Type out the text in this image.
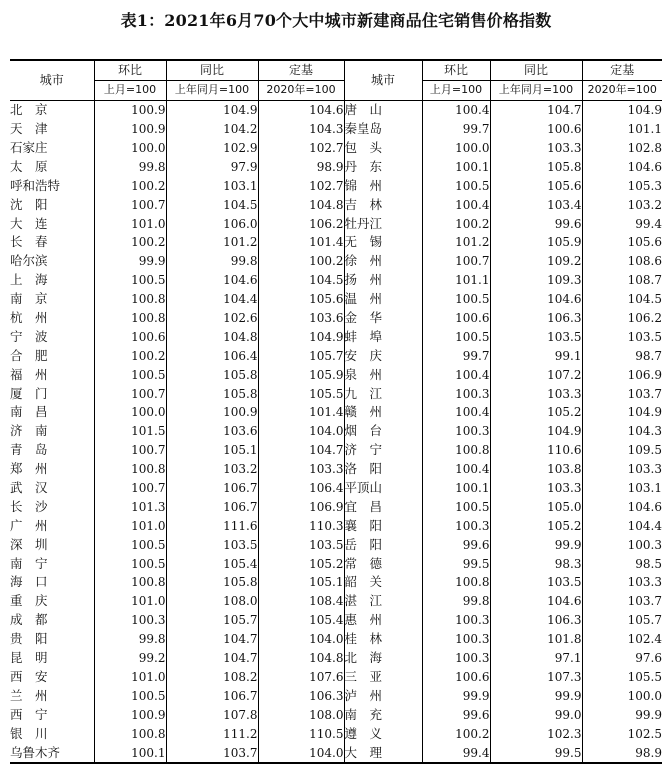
表1：2021年6月70个大中城市新建商品住宅销售价格指数
城市	环比	同比	定基	城市	环比	同比	定基
	上月=100	上年同月=100	2020年=100		上月=100	上年同月=100	2020年=100
北　京	100.9	104.9	104.6	唐　山	100.4	104.7	104.9
天　津	100.9	104.2	104.3	秦皇岛	99.7	100.6	101.1
石家庄	100.0	102.9	102.7	包　头	100.0	103.3	102.8
太　原	99.8	97.9	98.9	丹　东	100.1	105.8	104.6
呼和浩特	100.2	103.1	102.7	锦　州	100.5	105.6	105.3
沈　阳	100.7	104.5	104.8	吉　林	100.4	103.4	103.2
大　连	101.0	106.0	106.2	牡丹江	100.2	99.6	99.4
长　春	100.2	101.2	101.4	无　锡	101.2	105.9	105.6
哈尔滨	99.9	99.8	100.2	徐　州	100.7	109.2	108.6
上　海	100.5	104.6	104.5	扬　州	101.1	109.3	108.7
南　京	100.8	104.4	105.6	温　州	100.5	104.6	104.5
杭　州	100.8	102.6	103.6	金　华	100.6	106.3	106.2
宁　波	100.6	104.8	104.9	蚌　埠	100.5	103.5	103.5
合　肥	100.2	106.4	105.7	安　庆	99.7	99.1	98.7
福　州	100.5	105.8	105.9	泉　州	100.4	107.2	106.9
厦　门	100.7	105.8	105.5	九　江	100.3	103.3	103.7
南　昌	100.0	100.9	101.4	赣　州	100.4	105.2	104.9
济　南	101.5	103.6	104.0	烟　台	100.3	104.9	104.3
青　岛	100.7	105.1	104.7	济　宁	100.8	110.6	109.5
郑　州	100.8	103.2	103.3	洛　阳	100.4	103.8	103.3
武　汉	100.7	106.7	106.4	平顶山	100.1	103.3	103.1
长　沙	101.3	106.7	106.9	宜　昌	100.5	105.0	104.6
广　州	101.0	111.6	110.3	襄　阳	100.3	105.2	104.4
深　圳	100.5	103.5	103.5	岳　阳	99.6	99.9	100.3
南　宁	100.5	105.4	105.2	常　德	99.5	98.3	98.5
海　口	100.8	105.8	105.1	韶　关	100.8	103.5	103.3
重　庆	101.0	108.0	108.4	湛　江	99.8	104.6	103.7
成　都	100.3	105.7	105.4	惠　州	100.3	106.3	105.7
贵　阳	99.8	104.7	104.0	桂　林	100.3	101.8	102.4
昆　明	99.2	104.7	104.8	北　海	100.3	97.1	97.6
西　安	101.0	108.2	107.6	三　亚	100.6	107.3	105.5
兰　州	100.5	106.7	106.3	泸　州	99.9	99.9	100.0
西　宁	100.9	107.8	108.0	南　充	99.6	99.0	99.9
银　川	100.8	111.2	110.5	遵　义	100.2	102.3	102.5
乌鲁木齐	100.1	103.7	104.0	大　理	99.4	99.5	98.9
